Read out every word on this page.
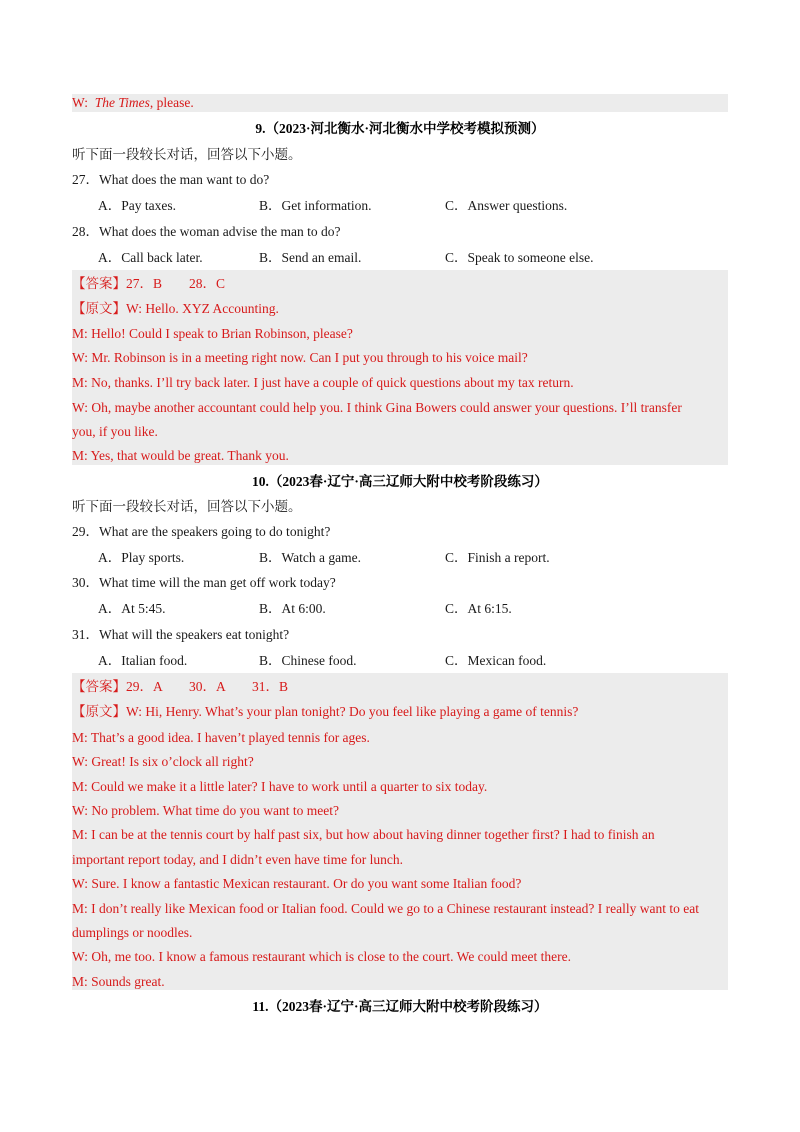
W: The Times, please.
9.（2023·河北衡水·河北衡水中学校考模拟预测）
听下面一段较长对话，回答以下小题。
27．What does the man want to do?
A．Pay taxes.	B．Get information.	C．Answer questions.
28．What does the woman advise the man to do?
A．Call back later.	B．Send an email.	C．Speak to someone else.
【答案】27．B　　28．C
【原文】W: Hello. XYZ Accounting.
M: Hello! Could I speak to Brian Robinson, please?
W: Mr. Robinson is in a meeting right now. Can I put you through to his voice mail?
M: No, thanks. I’ll try back later. I just have a couple of quick questions about my tax return.
W: Oh, maybe another accountant could help you. I think Gina Bowers could answer your questions. I’ll transfer
you, if you like.
M: Yes, that would be great. Thank you.
10.（2023春·辽宁·高三辽师大附中校考阶段练习）
听下面一段较长对话，回答以下小题。
29．What are the speakers going to do tonight?
A．Play sports.	B．Watch a game.	C．Finish a report.
30．What time will the man get off work today?
A．At 5:45.	B．At 6:00.	C．At 6:15.
31．What will the speakers eat tonight?
A．Italian food.	B．Chinese food.	C．Mexican food.
【答案】29．A　　30．A　　31．B
【原文】W: Hi, Henry. What’s your plan tonight? Do you feel like playing a game of tennis?
M: That’s a good idea. I haven’t played tennis for ages.
W: Great! Is six o’clock all right?
M: Could we make it a little later? I have to work until a quarter to six today.
W: No problem. What time do you want to meet?
M: I can be at the tennis court by half past six, but how about having dinner together first? I had to finish an
important report today, and I didn’t even have time for lunch.
W: Sure. I know a fantastic Mexican restaurant. Or do you want some Italian food?
M: I don’t really like Mexican food or Italian food. Could we go to a Chinese restaurant instead? I really want to eat
dumplings or noodles.
W: Oh, me too. I know a famous restaurant which is close to the court. We could meet there.
M: Sounds great.
11.（2023春·辽宁·高三辽师大附中校考阶段练习）
